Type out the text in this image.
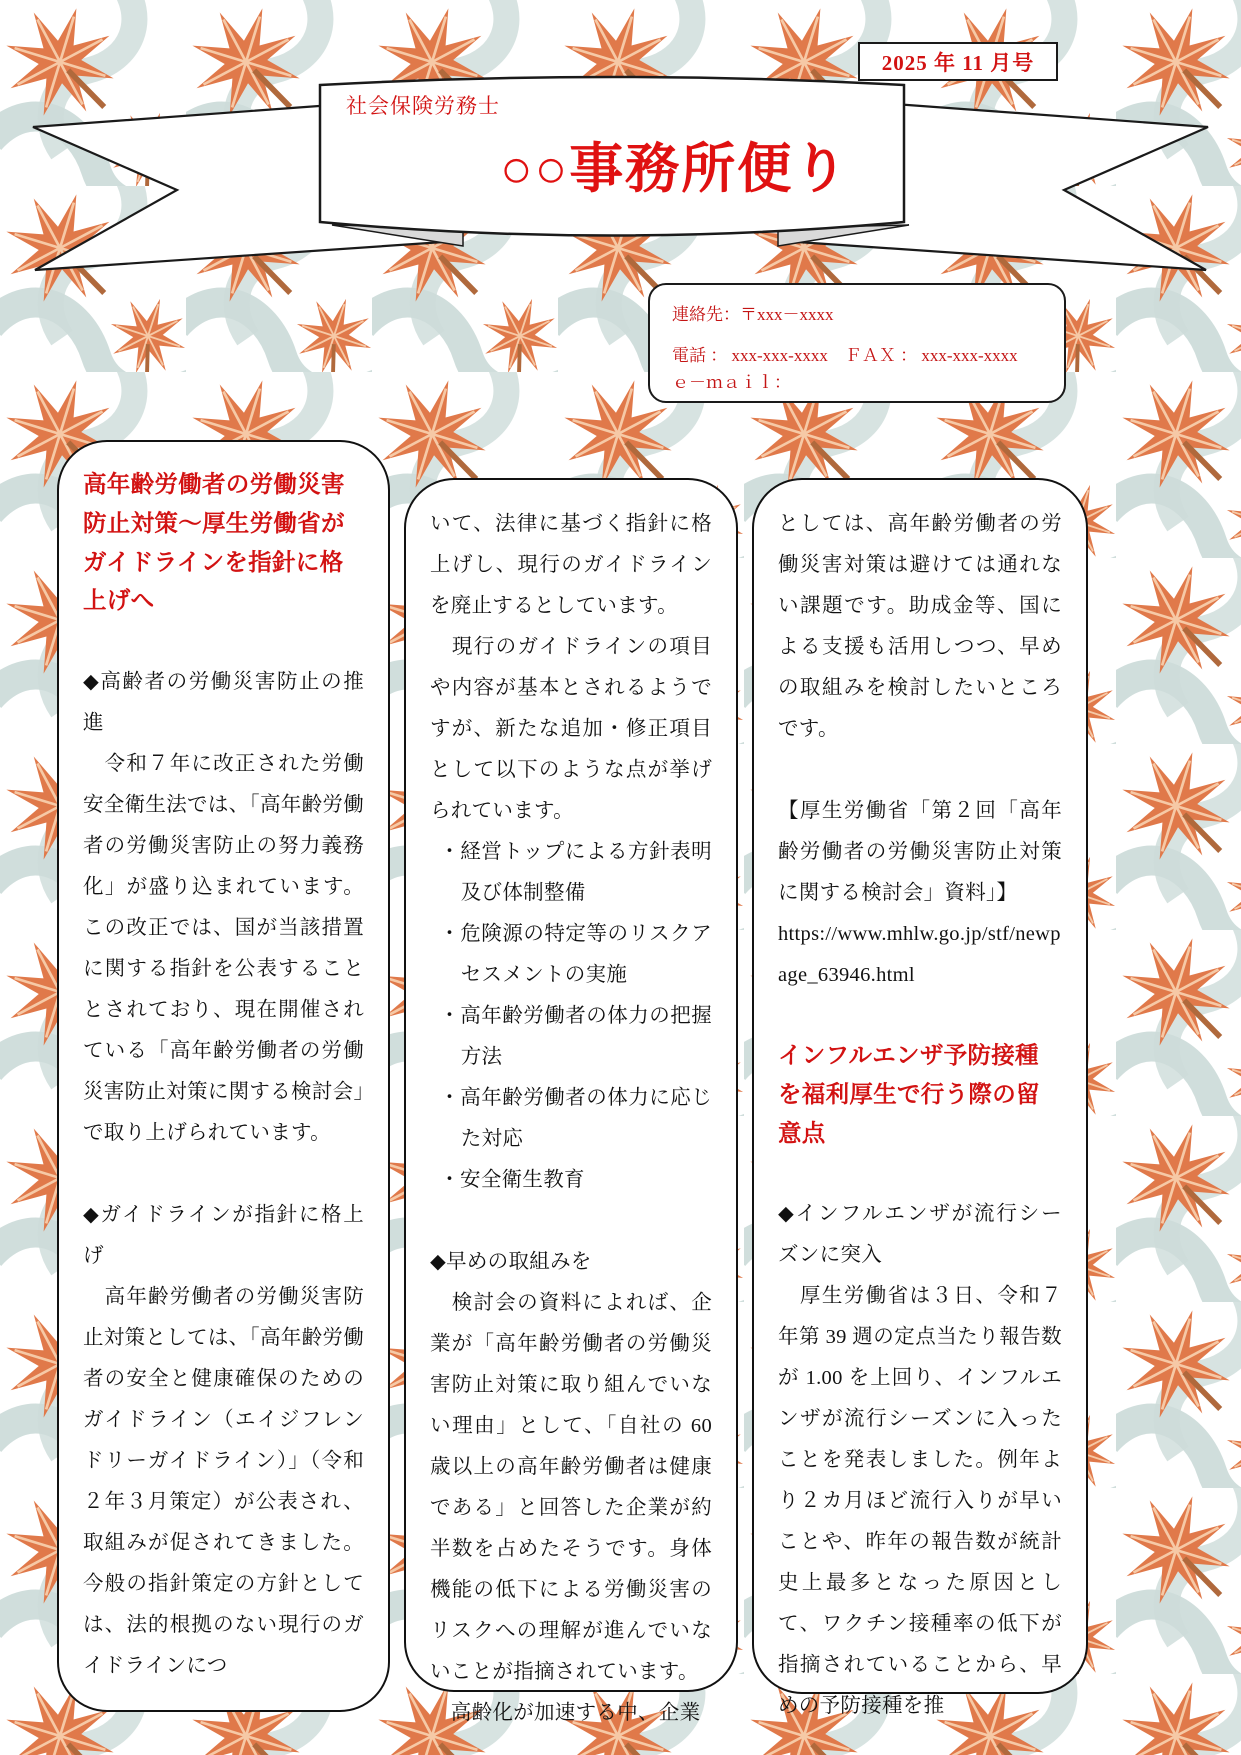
2025 年 11 月号
社会保険労務士
○○事務所便り
連絡先：〒xxx－xxxx
電話 ： xxx-xxx-xxxx　ＦＡＸ ： xxx-xxx-xxxx
ｅ－ｍａｉｌ：

高年齢労働者の労働災害防止対策～厚生労働省がガイドラインを指針に格上げへ

◆高齢者の労働災害防止の推進

　令和７年に改正された労働安全衛生法では、「高年齢労働者の労働災害防止の努力義務化」が盛り込まれています。この改正では、国が当該措置に関する指針を公表することとされており、現在開催されている「高年齢労働者の労働災害防止対策に関する検討会」で取り上げられています。

◆ガイドラインが指針に格上げ

　高年齢労働者の労働災害防止対策としては、「高年齢労働者の安全と健康確保のためのガイドライン（エイジフレンドリーガイドライン）」（令和２年３月策定）が公表され、取組みが促されてきました。今般の指針策定の方針としては、法的根拠のない現行のガイドラインにつ

いて、法律に基づく指針に格上げし、現行のガイドラインを廃止するとしています。

　現行のガイドラインの項目や内容が基本とされるようですが、新たな追加・修正項目として以下のような点が挙げられています。

・経営トップによる方針表明及び体制整備

・危険源の特定等のリスクアセスメントの実施

・高年齢労働者の体力の把握方法

・高年齢労働者の体力に応じた対応

・安全衛生教育

◆早めの取組みを

　検討会の資料によれば、企業が「高年齢労働者の労働災害防止対策に取り組んでいない理由」として、「自社の 60 歳以上の高年齢労働者は健康である」と回答した企業が約半数を占めたそうです。身体機能の低下による労働災害のリスクへの理解が進んでいないことが指摘されています。

　高齢化が加速する中、企業

としては、高年齢労働者の労働災害対策は避けては通れない課題です。助成金等、国による支援も活用しつつ、早めの取組みを検討したいところです。

【厚生労働省「第２回「高年齢労働者の労働災害防止対策に関する検討会」資料」】

https://www.mhlw.go.jp/stf/newpage_63946.html

インフルエンザ予防接種を福利厚生で行う際の留意点

◆インフルエンザが流行シーズンに突入

　厚生労働省は３日、令和７年第 39 週の定点当たり報告数が 1.00 を上回り、インフルエンザが流行シーズンに入ったことを発表しました。例年より２カ月ほど流行入りが早いことや、昨年の報告数が統計史上最多となった原因として、ワクチン接種率の低下が指摘されていることから、早めの予防接種を推
